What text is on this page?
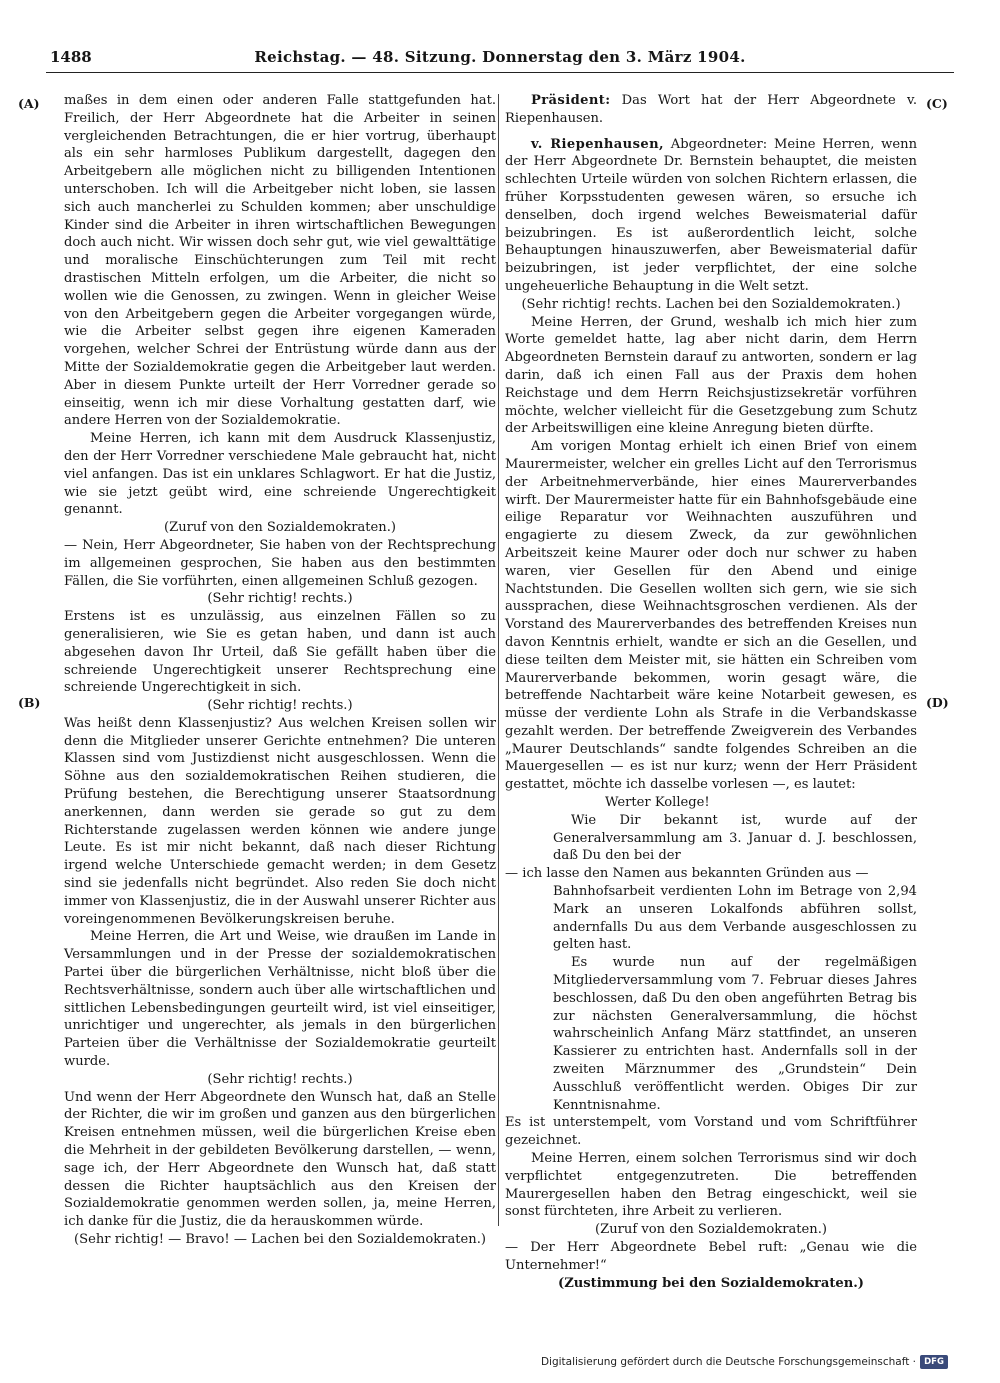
1488	Reichstag. — 48. Sitzung. Donnerstag den 3. März 1904.
(A)
(B)
(C)
(D)

maßes in dem einen oder anderen Falle stattgefunden hat. Freilich, der Herr Abgeordnete hat die Arbeiter in seinen vergleichenden Betrachtungen, die er hier vortrug, überhaupt als ein sehr harmloses Publikum dargestellt, dagegen den Arbeitgebern alle möglichen nicht zu billigenden Intentionen unterschoben. Ich will die Arbeitgeber nicht loben, sie lassen sich auch mancherlei zu Schulden kommen; aber unschuldige Kinder sind die Arbeiter in ihren wirtschaftlichen Bewegungen doch auch nicht. Wir wissen doch sehr gut, wie viel gewalttätige und moralische Einschüchterungen zum Teil mit recht drastischen Mitteln erfolgen, um die Arbeiter, die nicht so wollen wie die Genossen, zu zwingen. Wenn in gleicher Weise von den Arbeitgebern gegen die Arbeiter vorgegangen würde, wie die Arbeiter selbst gegen ihre eigenen Kameraden vorgehen, welcher Schrei der Entrüstung würde dann aus der Mitte der Sozialdemokratie gegen die Arbeitgeber laut werden. Aber in diesem Punkte urteilt der Herr Vorredner gerade so einseitig, wenn ich mir diese Vorhaltung gestatten darf, wie andere Herren von der Sozialdemokratie.

Meine Herren, ich kann mit dem Ausdruck Klassenjustiz, den der Herr Vorredner verschiedene Male gebraucht hat, nicht viel anfangen. Das ist ein unklares Schlagwort. Er hat die Justiz, wie sie jetzt geübt wird, eine schreiende Ungerechtigkeit genannt.

(Zuruf von den Sozialdemokraten.)

— Nein, Herr Abgeordneter, Sie haben von der Rechtsprechung im allgemeinen gesprochen, Sie haben aus den bestimmten Fällen, die Sie vorführten, einen allgemeinen Schluß gezogen.

(Sehr richtig! rechts.)

Erstens ist es unzulässig, aus einzelnen Fällen so zu generalisieren, wie Sie es getan haben, und dann ist auch abgesehen davon Ihr Urteil, daß Sie gefällt haben über die schreiende Ungerechtigkeit unserer Rechtsprechung eine schreiende Ungerechtigkeit in sich.

(Sehr richtig! rechts.)

Was heißt denn Klassenjustiz? Aus welchen Kreisen sollen wir denn die Mitglieder unserer Gerichte entnehmen? Die unteren Klassen sind vom Justizdienst nicht ausgeschlossen. Wenn die Söhne aus den sozialdemokratischen Reihen studieren, die Prüfung bestehen, die Berechtigung unserer Staatsordnung anerkennen, dann werden sie gerade so gut zu dem Richterstande zugelassen werden können wie andere junge Leute. Es ist mir nicht bekannt, daß nach dieser Richtung irgend welche Unterschiede gemacht werden; in dem Gesetz sind sie jedenfalls nicht begründet. Also reden Sie doch nicht immer von Klassenjustiz, die in der Auswahl unserer Richter aus voreingenommenen Bevölkerungskreisen beruhe.

Meine Herren, die Art und Weise, wie draußen im Lande in Versammlungen und in der Presse der sozialdemokratischen Partei über die bürgerlichen Verhältnisse, nicht bloß über die Rechtsverhältnisse, sondern auch über alle wirtschaftlichen und sittlichen Lebensbedingungen geurteilt wird, ist viel einseitiger, unrichtiger und ungerechter, als jemals in den bürgerlichen Parteien über die Verhältnisse der Sozialdemokratie geurteilt wurde.

(Sehr richtig! rechts.)

Und wenn der Herr Abgeordnete den Wunsch hat, daß an Stelle der Richter, die wir im großen und ganzen aus den bürgerlichen Kreisen entnehmen müssen, weil die bürgerlichen Kreise eben die Mehrheit in der gebildeten Bevölkerung darstellen, — wenn, sage ich, der Herr Abgeordnete den Wunsch hat, daß statt dessen die Richter hauptsächlich aus den Kreisen der Sozialdemokratie genommen werden sollen, ja, meine Herren, ich danke für die Justiz, die da herauskommen würde.

(Sehr richtig! — Bravo! — Lachen bei den Sozialdemokraten.)

Präsident: Das Wort hat der Herr Abgeordnete v. Riepenhausen.

v. Riepenhausen, Abgeordneter: Meine Herren, wenn der Herr Abgeordnete Dr. Bernstein behauptet, die meisten schlechten Urteile würden von solchen Richtern erlassen, die früher Korpsstudenten gewesen wären, so ersuche ich denselben, doch irgend welches Beweismaterial dafür beizubringen. Es ist außerordentlich leicht, solche Behauptungen hinauszuwerfen, aber Beweismaterial dafür beizubringen, ist jeder verpflichtet, der eine solche ungeheuerliche Behauptung in die Welt setzt.

(Sehr richtig! rechts. Lachen bei den Sozialdemokraten.)

Meine Herren, der Grund, weshalb ich mich hier zum Worte gemeldet hatte, lag aber nicht darin, dem Herrn Abgeordneten Bernstein darauf zu antworten, sondern er lag darin, daß ich einen Fall aus der Praxis dem hohen Reichstage und dem Herrn Reichsjustizsekretär vorführen möchte, welcher vielleicht für die Gesetzgebung zum Schutz der Arbeitswilligen eine kleine Anregung bieten dürfte.

Am vorigen Montag erhielt ich einen Brief von einem Maurermeister, welcher ein grelles Licht auf den Terrorismus der Arbeitnehmerverbände, hier eines Maurerverbandes wirft. Der Maurermeister hatte für ein Bahnhofsgebäude eine eilige Reparatur vor Weihnachten auszuführen und engagierte zu diesem Zweck, da zur gewöhnlichen Arbeitszeit keine Maurer oder doch nur schwer zu haben waren, vier Gesellen für den Abend und einige Nachtstunden. Die Gesellen wollten sich gern, wie sie sich aussprachen, diese Weihnachtsgroschen verdienen. Als der Vorstand des Maurerverbandes des betreffenden Kreises nun davon Kenntnis erhielt, wandte er sich an die Gesellen, und diese teilten dem Meister mit, sie hätten ein Schreiben vom Maurerverbande bekommen, worin gesagt wäre, die betreffende Nachtarbeit wäre keine Notarbeit gewesen, es müsse der verdiente Lohn als Strafe in die Verbandskasse gezahlt werden. Der betreffende Zweigverein des Verbandes „Maurer Deutschlands“ sandte folgendes Schreiben an die Mauergesellen — es ist nur kurz; wenn der Herr Präsident gestattet, möchte ich dasselbe vorlesen —, es lautet:

Werter Kollege!

Wie Dir bekannt ist, wurde auf der Generalversammlung am 3. Januar d. J. beschlossen, daß Du den bei der

— ich lasse den Namen aus bekannten Gründen aus —

Bahnhofsarbeit verdienten Lohn im Betrage von 2,94 Mark an unseren Lokalfonds abführen sollst, andernfalls Du aus dem Verbande ausgeschlossen zu gelten hast.

Es wurde nun auf der regelmäßigen Mitgliederversammlung vom 7. Februar dieses Jahres beschlossen, daß Du den oben angeführten Betrag bis zur nächsten Generalversammlung, die höchst wahrscheinlich Anfang März stattfindet, an unseren Kassierer zu entrichten hast. Andernfalls soll in der zweiten Märznummer des „Grundstein“ Dein Ausschluß veröffentlicht werden. Obiges Dir zur Kenntnisnahme.

Es ist unterstempelt, vom Vorstand und vom Schriftführer gezeichnet.

Meine Herren, einem solchen Terrorismus sind wir doch verpflichtet entgegenzutreten. Die betreffenden Maurergesellen haben den Betrag eingeschickt, weil sie sonst fürchteten, ihre Arbeit zu verlieren.

(Zuruf von den Sozialdemokraten.)

— Der Herr Abgeordnete Bebel ruft: „Genau wie die Unternehmer!“

(Zustimmung bei den Sozialdemokraten.)

Digitalisierung gefördert durch die Deutsche Forschungsgemeinschaft · DFG
